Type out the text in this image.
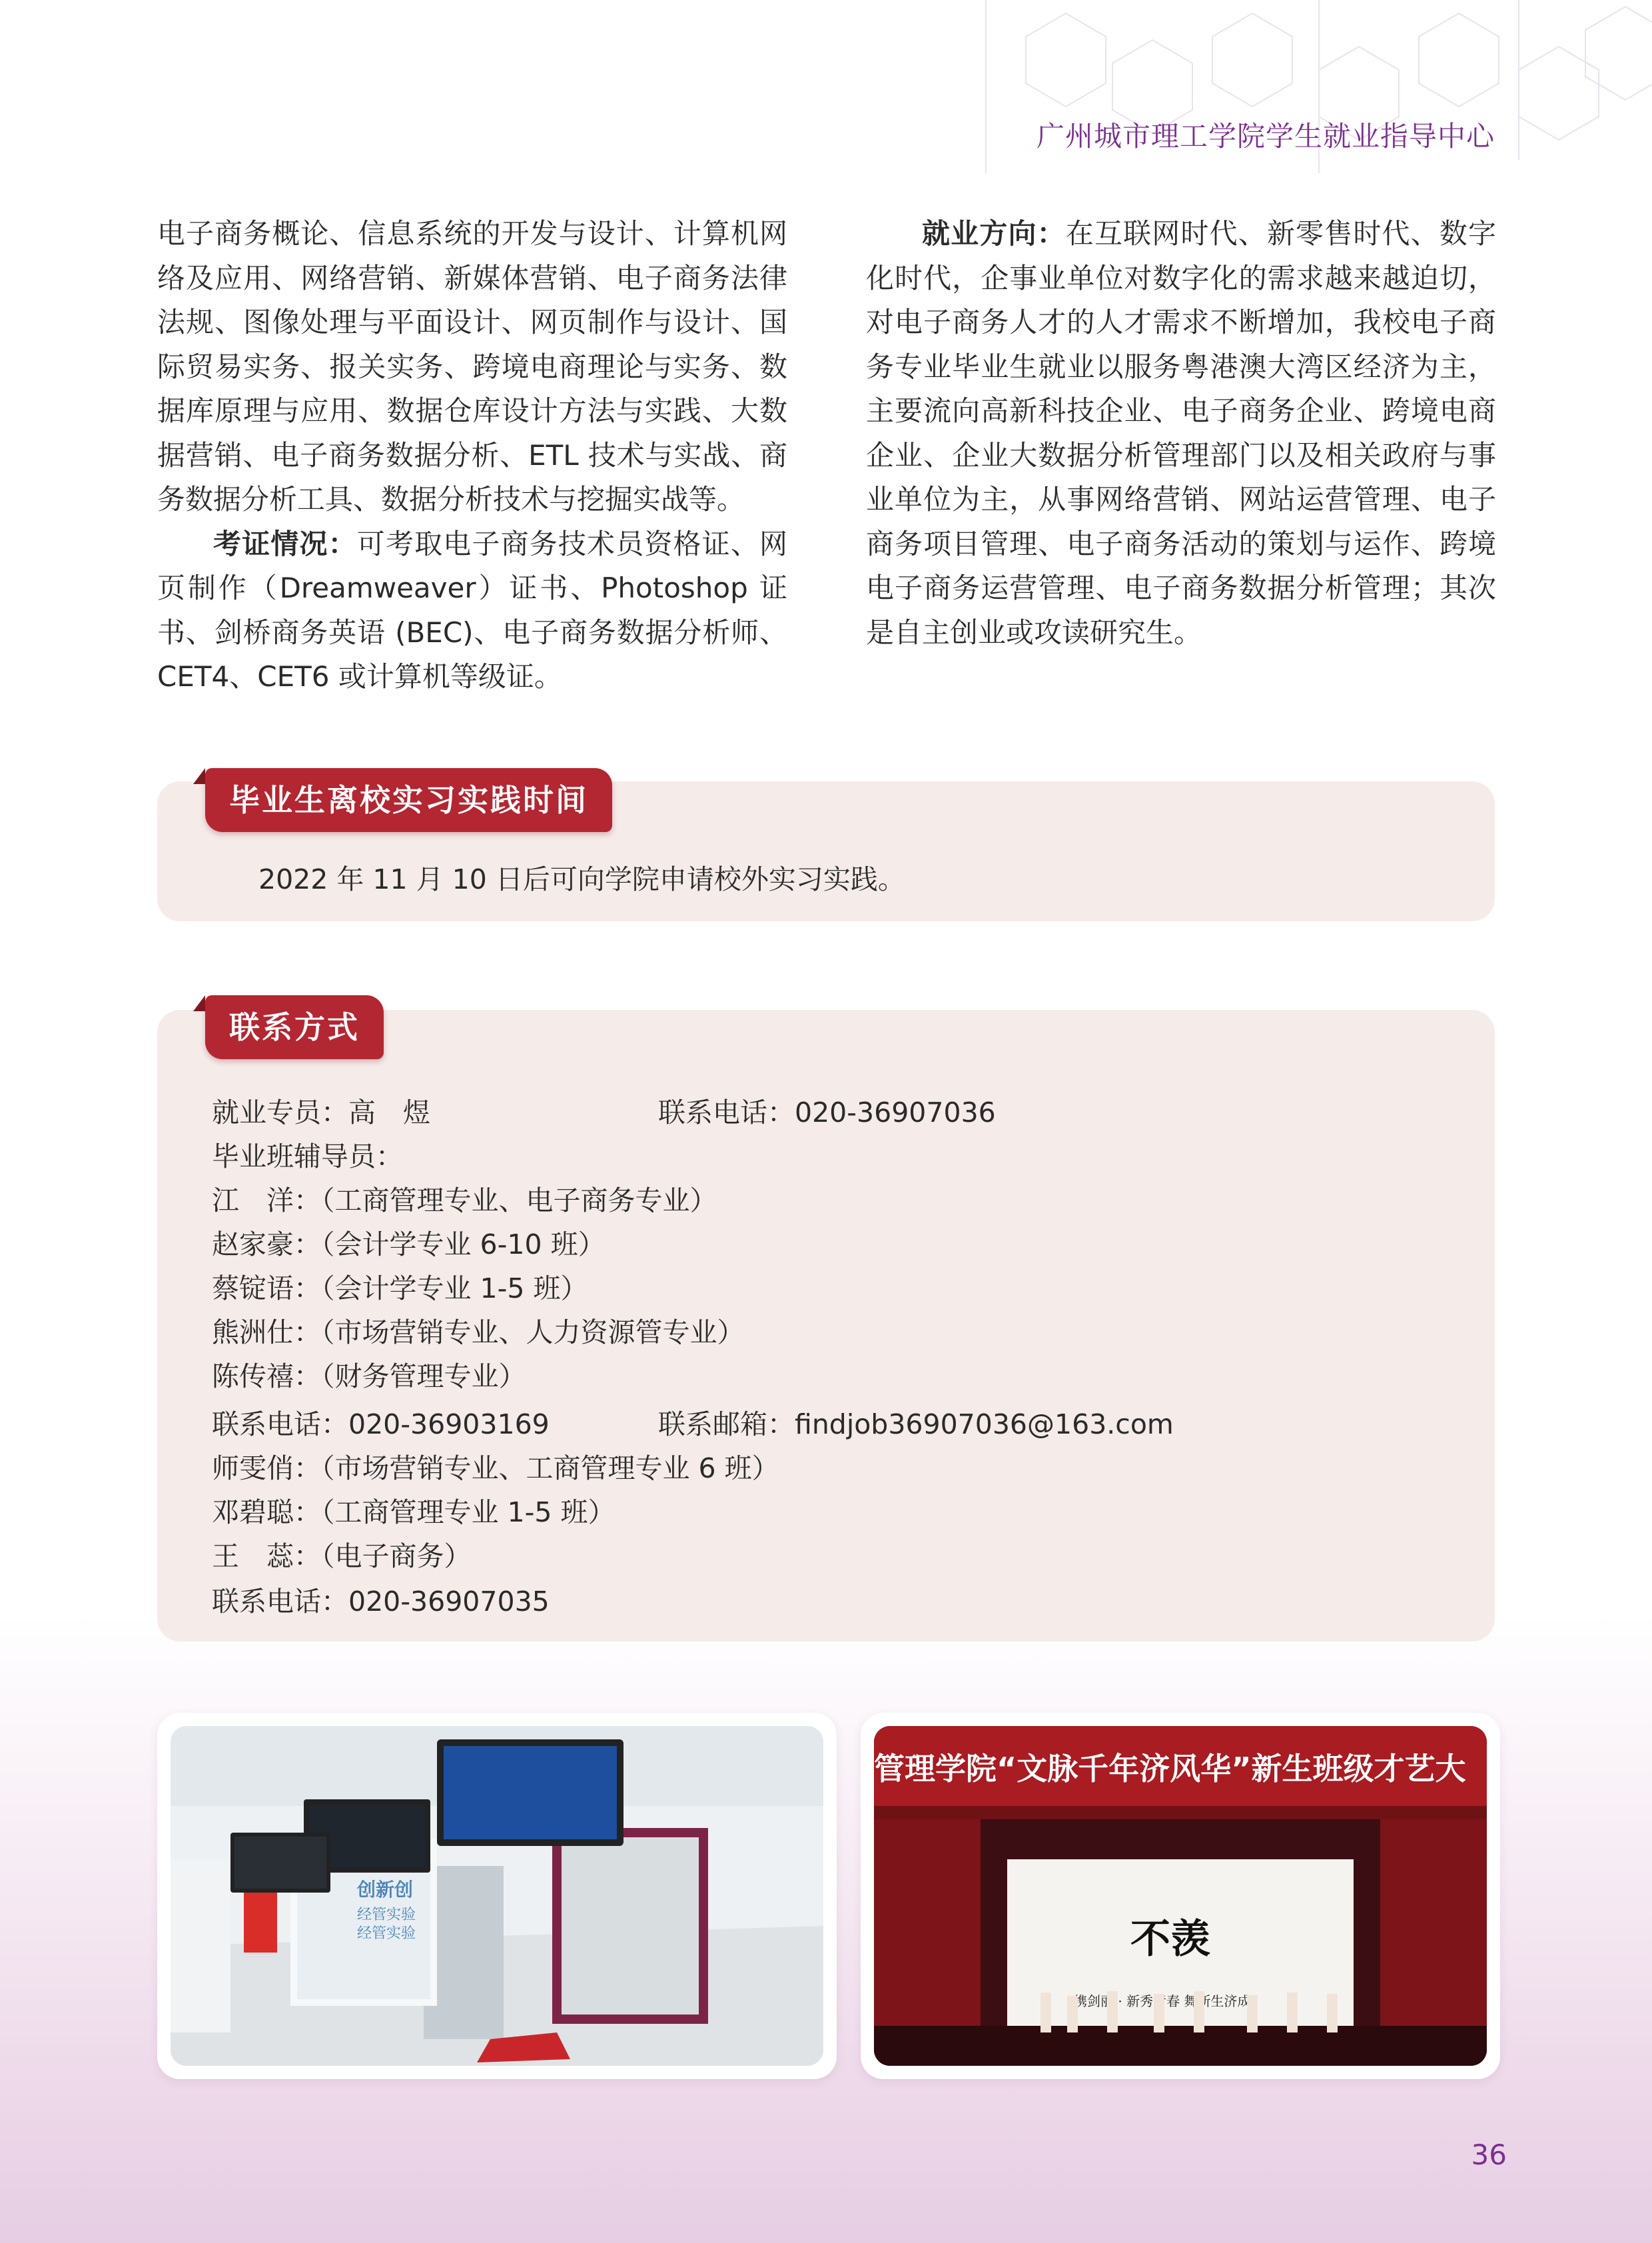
广州城市理工学院学生就业指导中心

电子商务概论、信息系统的开发与设计、计算机网络及应用、网络营销、新媒体营销、电子商务法律法规、图像处理与平面设计、网页制作与设计、国际贸易实务、报关实务、跨境电商理论与实务、数据库原理与应用、数据仓库设计方法与实践、大数据营销、电子商务数据分析、ETL 技术与实战、商务数据分析工具、数据分析技术与挖掘实战等。

考证情况：可考取电子商务技术员资格证、网页制作（Dreamweaver）证书、Photoshop 证书、剑桥商务英语 (BEC)、电子商务数据分析师、CET4、CET6 或计算机等级证。

就业方向：在互联网时代、新零售时代、数字化时代，企事业单位对数字化的需求越来越迫切，对电子商务人才的人才需求不断增加，我校电子商务专业毕业生就业以服务粤港澳大湾区经济为主，主要流向高新科技企业、电子商务企业、跨境电商企业、企业大数据分析管理部门以及相关政府与事业单位为主，从事网络营销、网站运营管理、电子商务项目管理、电子商务活动的策划与运作、跨境电子商务运营管理、电子商务数据分析管理；其次是自主创业或攻读研究生。

2022 年 11 月 10 日后可向学院申请校外实习实践。
毕业生离校实习实践时间
联系方式
就业专员：高　煜	联系电话：020-36907036
毕业班辅导员：
江　洋：（工商管理专业、电子商务专业）
赵家豪：（会计学专业 6-10 班）
蔡锭语：（会计学专业 1-5 班）
熊洲仕：（市场营销专业、人力资源管专业）
陈传禧：（财务管理专业）
联系电话：020-36903169	联系邮箱：findjob36907036@163.com
师雯俏：（市场营销专业、工商管理专业 6 班）
邓碧聪：（工商管理专业 1-5 班）
王　蕊：（电子商务）
联系电话：020-36907035
创新创
经管实验
经管实验
管理学院“文脉千年济风华”新生班级才艺大
不羡
携剑丽 · 新秀青春 舞新生济成
36
